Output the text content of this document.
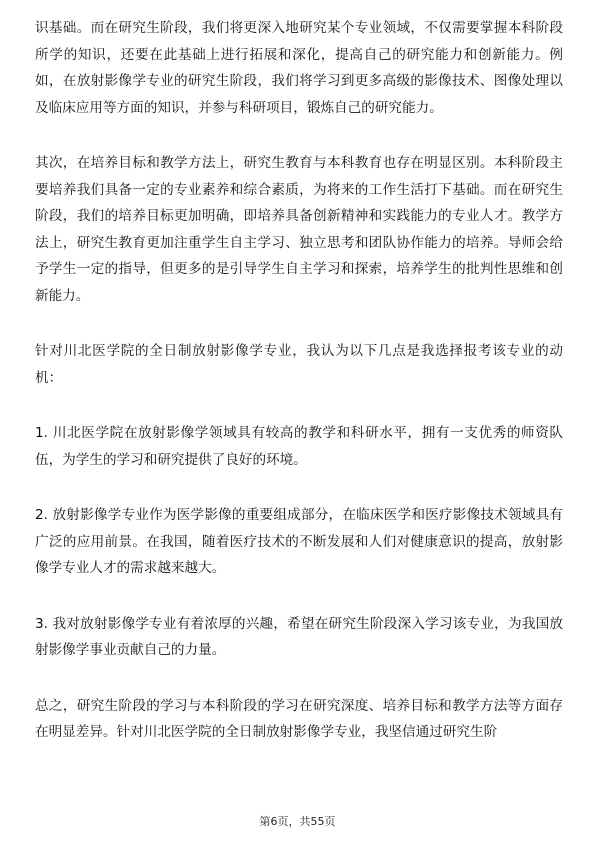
识基础。而在研究生阶段，我们将更深入地研究某个专业领域，不仅需要掌握本科阶段所学的知识，还要在此基础上进行拓展和深化，提高自己的研究能力和创新能力。例如，在放射影像学专业的研究生阶段，我们将学习到更多高级的影像技术、图像处理以及临床应用等方面的知识，并参与科研项目，锻炼自己的研究能力。

其次，在培养目标和教学方法上，研究生教育与本科教育也存在明显区别。本科阶段主要培养我们具备一定的专业素养和综合素质，为将来的工作生活打下基础。而在研究生阶段，我们的培养目标更加明确，即培养具备创新精神和实践能力的专业人才。教学方法上，研究生教育更加注重学生自主学习、独立思考和团队协作能力的培养。导师会给予学生一定的指导，但更多的是引导学生自主学习和探索，培养学生的批判性思维和创新能力。

针对川北医学院的全日制放射影像学专业，我认为以下几点是我选择报考该专业的动机：

1. 川北医学院在放射影像学领域具有较高的教学和科研水平，拥有一支优秀的师资队伍，为学生的学习和研究提供了良好的环境。

2. 放射影像学专业作为医学影像的重要组成部分，在临床医学和医疗影像技术领域具有广泛的应用前景。在我国，随着医疗技术的不断发展和人们对健康意识的提高，放射影像学专业人才的需求越来越大。

3. 我对放射影像学专业有着浓厚的兴趣，希望在研究生阶段深入学习该专业，为我国放射影像学事业贡献自己的力量。

总之，研究生阶段的学习与本科阶段的学习在研究深度、培养目标和教学方法等方面存在明显差异。针对川北医学院的全日制放射影像学专业，我坚信通过研究生阶

第6页，共55页
